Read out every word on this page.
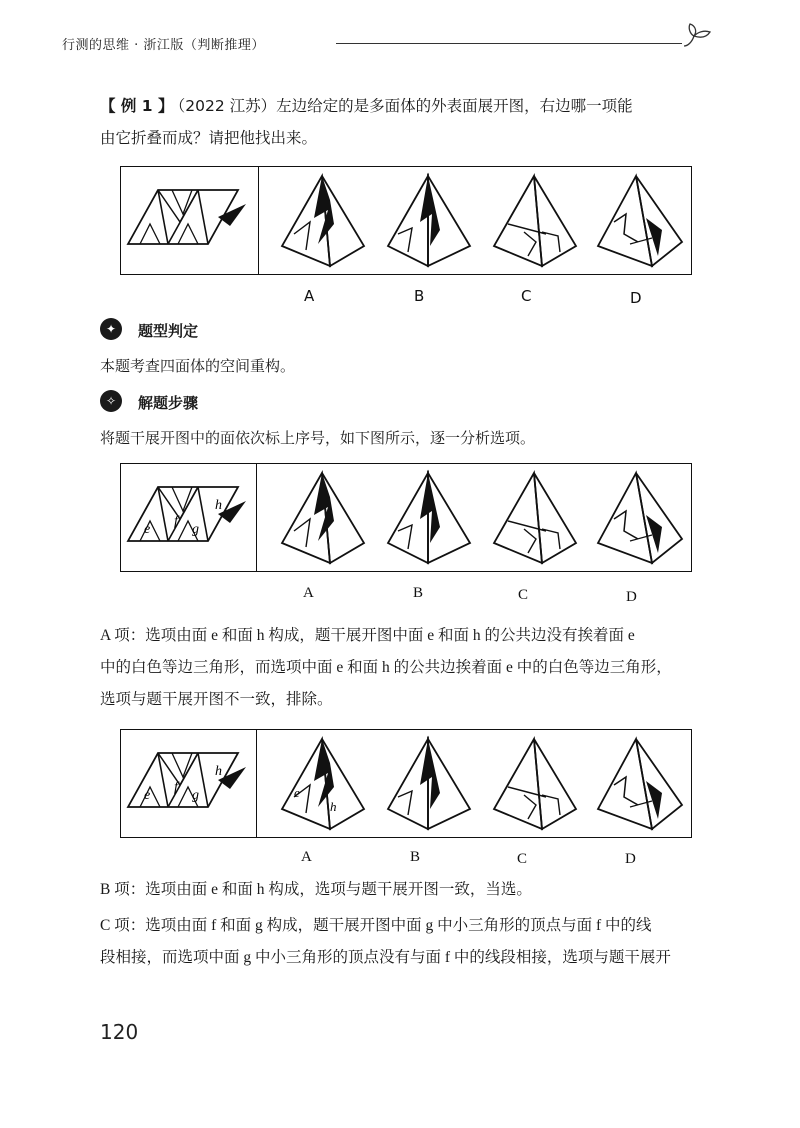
行测的思维 · 浙江版（判断推理）
【 例 1 】 （2022 江苏）左边给定的是多面体的外表面展开图，右边哪一项能
由它折叠而成？请把他找出来。
A	B	C	D
✦	题型判定
本题考查四面体的空间重构。
✧	解题步骤
将题干展开图中的面依次标上序号，如下图所示，逐一分析选项。
e
f
g
h
A	B	C	D
A 项：选项由面 e 和面 h 构成，题干展开图中面 e 和面 h 的公共边没有挨着面 e
中的白色等边三角形，而选项中面 e 和面 h 的公共边挨着面 e 中的白色等边三角形，
选项与题干展开图不一致，排除。
e
f
g
h
e
h
A	B	C	D
B 项：选项由面 e 和面 h 构成，选项与题干展开图一致，当选。
C 项：选项由面 f 和面 g 构成，题干展开图中面 g 中小三角形的顶点与面 f 中的线
段相接，而选项中面 g 中小三角形的顶点没有与面 f 中的线段相接，选项与题干展开
120
